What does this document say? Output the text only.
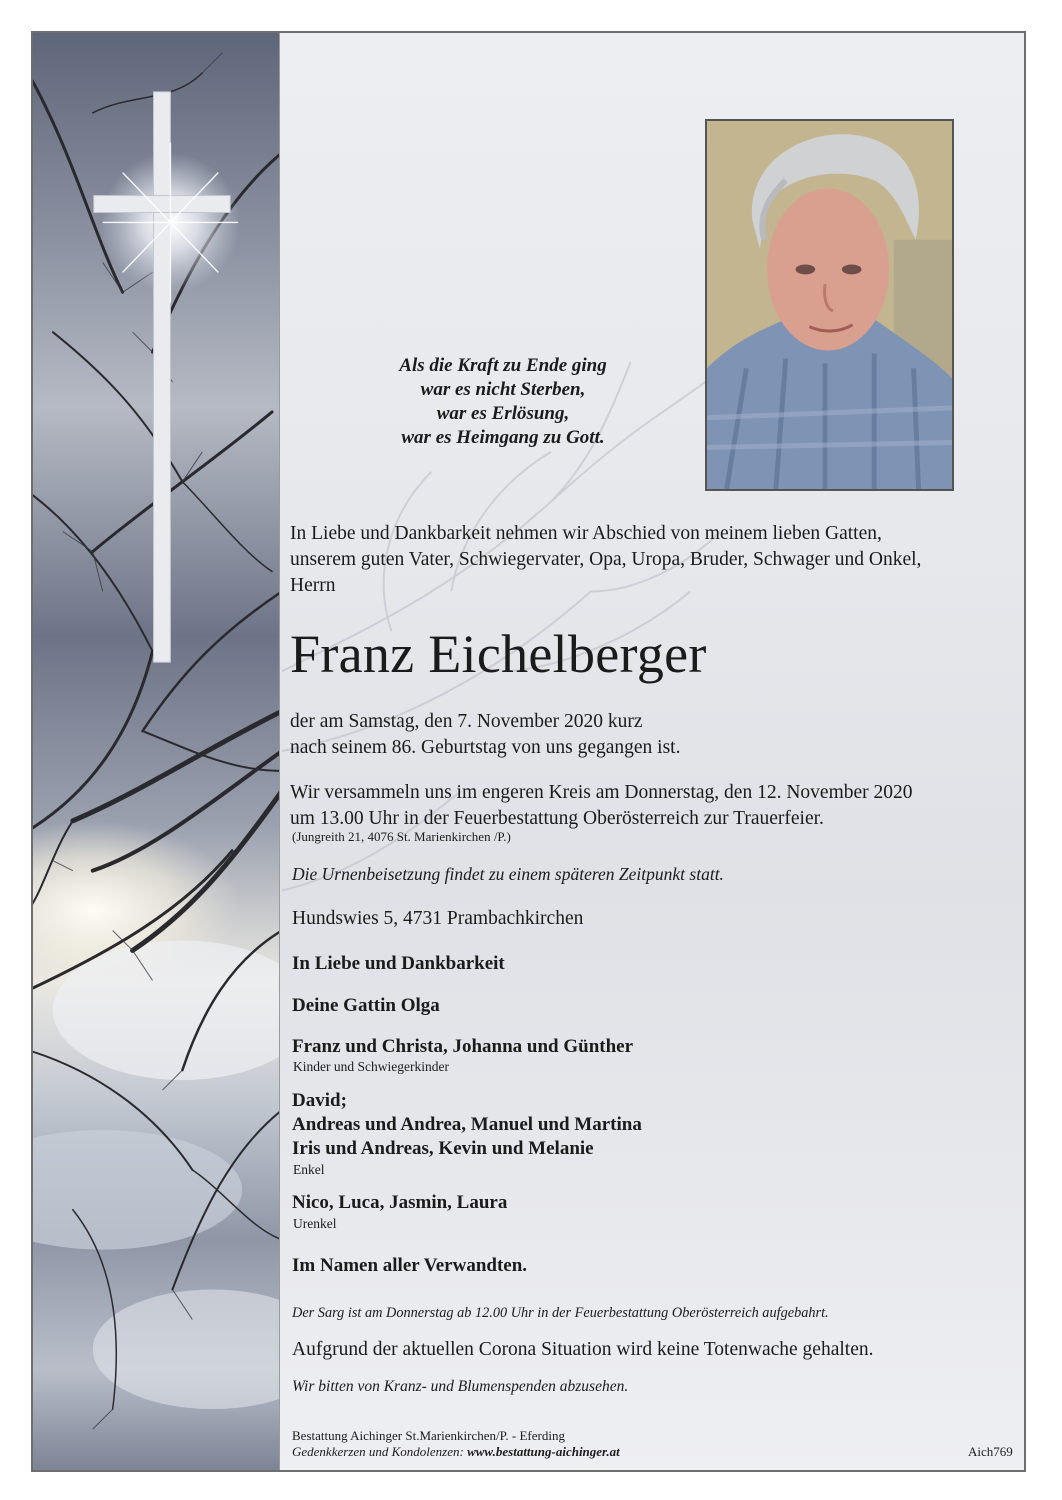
Als die Kraft zu Ende ging
war es nicht Sterben,
war es Erlösung,
war es Heimgang zu Gott.
In Liebe und Dankbarkeit nehmen wir Abschied von meinem lieben Gatten,
unserem guten Vater, Schwiegervater, Opa, Uropa, Bruder, Schwager und Onkel,
Herrn
Franz Eichelberger
der am Samstag, den 7. November 2020 kurz
nach seinem 86. Geburtstag von uns gegangen ist.
Wir versammeln uns im engeren Kreis am Donnerstag, den 12. November 2020
um 13.00 Uhr in der Feuerbestattung Oberösterreich zur Trauerfeier.
(Jungreith 21, 4076 St. Marienkirchen /P.)
Die Urnenbeisetzung findet zu einem späteren Zeitpunkt statt.
Hundswies 5, 4731 Prambachkirchen
In Liebe und Dankbarkeit
Deine Gattin Olga
Franz und Christa, Johanna und Günther
Kinder und Schwiegerkinder
David;
Andreas und Andrea, Manuel und Martina
Iris und Andreas, Kevin und Melanie
Enkel
Nico, Luca, Jasmin, Laura
Urenkel
Im Namen aller Verwandten.
Der Sarg ist am Donnerstag ab 12.00 Uhr in der Feuerbestattung Oberösterreich aufgebahrt.
Aufgrund der aktuellen Corona Situation wird keine Totenwache gehalten.
Wir bitten von Kranz- und Blumenspenden abzusehen.
Bestattung Aichinger St.Marienkirchen/P. - Eferding
Gedenkkerzen und Kondolenzen: www.bestattung-aichinger.at	Aich769
